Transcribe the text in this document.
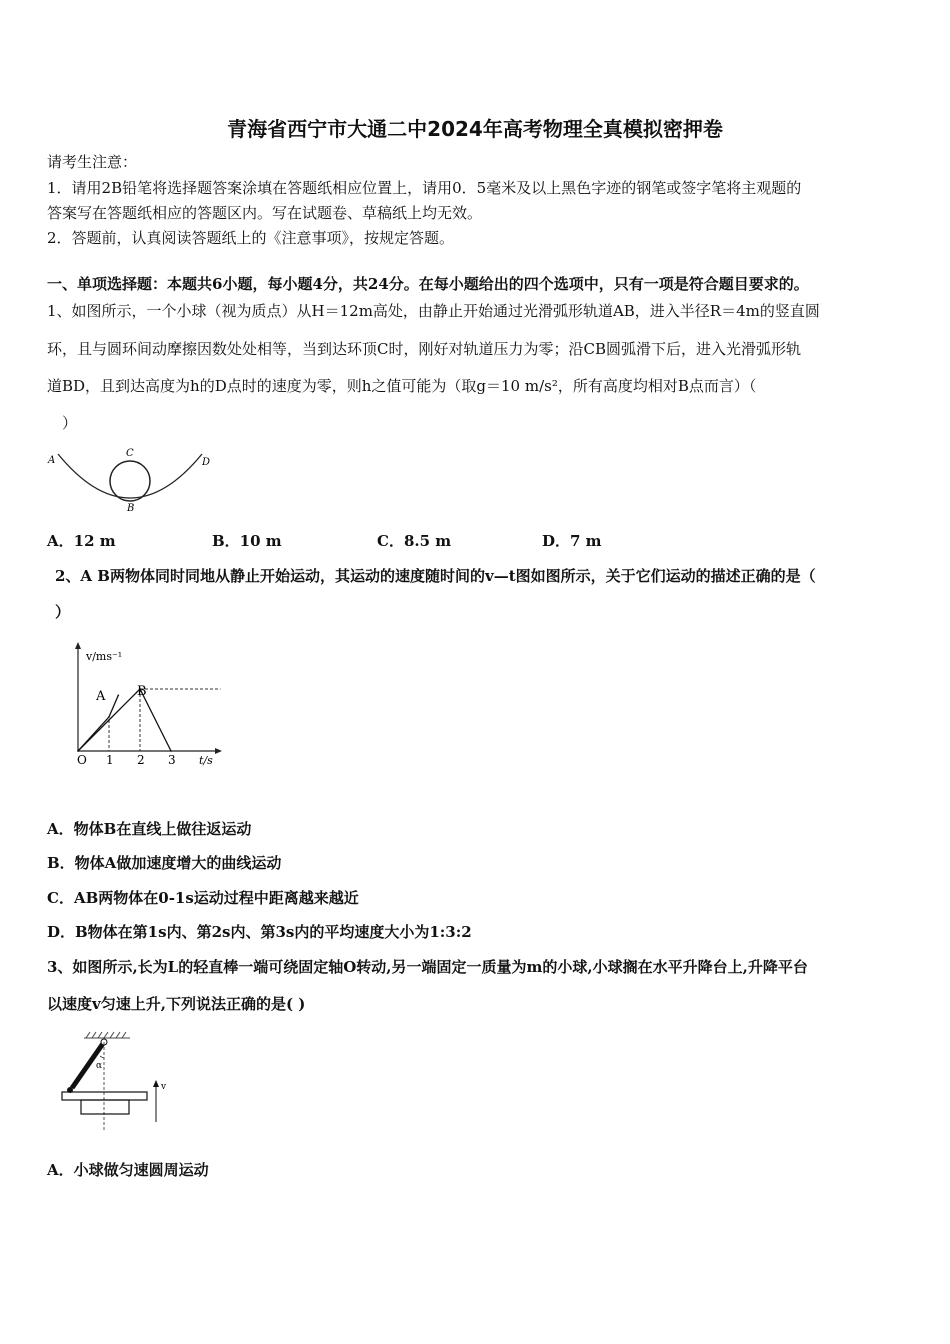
青海省西宁市大通二中2024年高考物理全真模拟密押卷
请考生注意：
1．请用2B铅笔将选择题答案涂填在答题纸相应位置上，请用0．5毫米及以上黑色字迹的钢笔或签字笔将主观题的
答案写在答题纸相应的答题区内。写在试题卷、草稿纸上均无效。
2．答题前，认真阅读答题纸上的《注意事项》，按规定答题。
一、单项选择题：本题共6小题，每小题4分，共24分。在每小题给出的四个选项中，只有一项是符合题目要求的。
1、如图所示，一个小球（视为质点）从H＝12m高处，由静止开始通过光滑弧形轨道AB，进入半径R＝4m的竖直圆
环，且与圆环间动摩擦因数处处相等，当到达环顶C时，刚好对轨道压力为零；沿CB圆弧滑下后，进入光滑弧形轨
道BD，且到达高度为h的D点时的速度为零，则h之值可能为（取g＝10 m/s²，所有高度均相对B点而言）（
）
A
C
D
B
A．12 m	B．10 m	C．8.5 m	D．7 m
2、A B两物体同时同地从静止开始运动，其运动的速度随时间的v—t图如图所示，关于它们运动的描述正确的是（
）
v/ms⁻¹
t/s
O 1 2 3
A B
A．物体B在直线上做往返运动
B．物体A做加速度增大的曲线运动
C．AB两物体在0-1s运动过程中距离越来越近
D．B物体在第1s内、第2s内、第3s内的平均速度大小为1:3:2
3、如图所示,长为L的轻直棒一端可绕固定轴O转动,另一端固定一质量为m的小球,小球搁在水平升降台上,升降平台
以速度v匀速上升,下列说法正确的是( )
α
v
A．小球做匀速圆周运动
